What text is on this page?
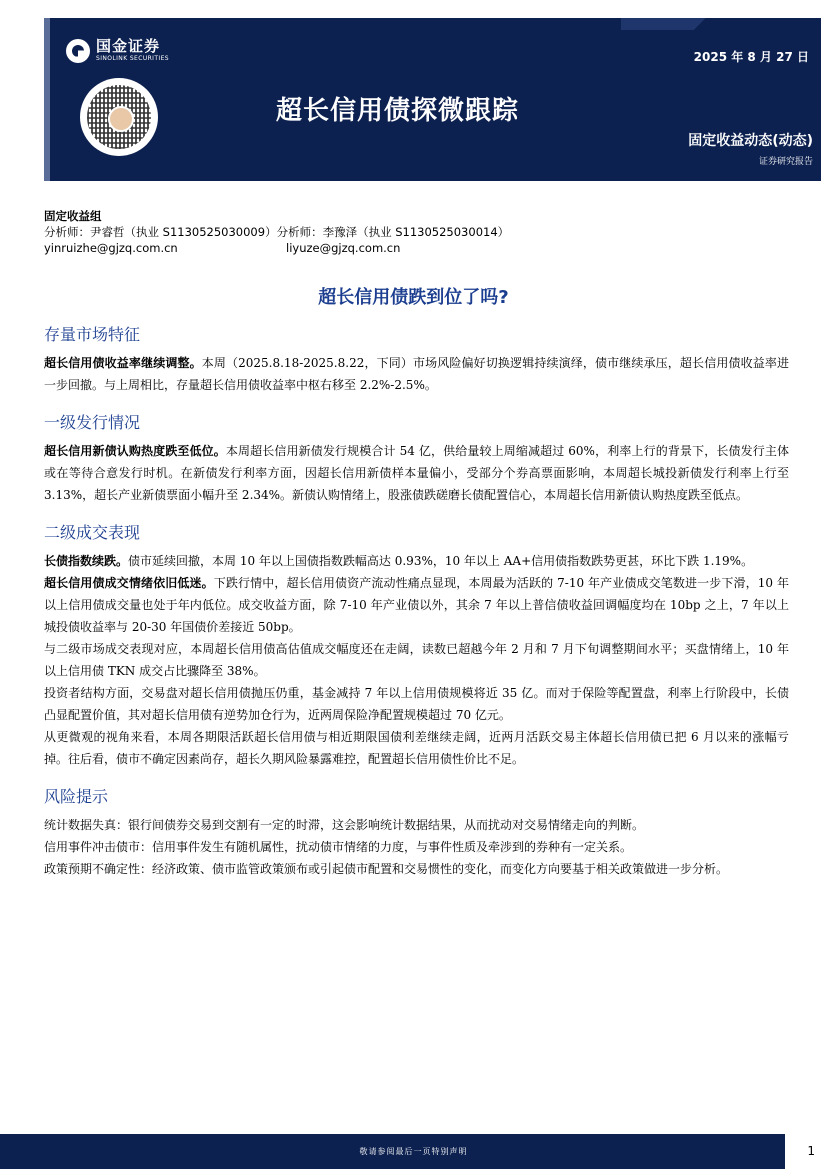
国金证券
SINOLINK SECURITIES	2025 年 8 月 27 日
超长信用债探微跟踪
固定收益动态(动态)
证券研究报告
固定收益组
分析师：尹睿哲（执业 S1130525030009）分析师：李豫泽（执业 S1130525030014）
yinruizhe@gjzq.com.cn	liyuze@gjzq.com.cn
超长信用债跌到位了吗?
存量市场特征

超长信用债收益率继续调整。本周（2025.8.18-2025.8.22，下同）市场风险偏好切换逻辑持续演绎，债市继续承压，超长信用债收益率进一步回撤。与上周相比，存量超长信用债收益率中枢右移至 2.2%-2.5%。

一级发行情况

超长信用新债认购热度跌至低位。本周超长信用新债发行规模合计 54 亿，供给量较上周缩减超过 60%，利率上行的背景下，长债发行主体或在等待合意发行时机。在新债发行利率方面，因超长信用新债样本量偏小，受部分个券高票面影响，本周超长城投新债发行利率上行至 3.13%，超长产业新债票面小幅升至 2.34%。新债认购情绪上，股涨债跌磋磨长债配置信心，本周超长信用新债认购热度跌至低点。

二级成交表现

长债指数续跌。债市延续回撤，本周 10 年以上国债指数跌幅高达 0.93%，10 年以上 AA+信用债指数跌势更甚，环比下跌 1.19%。

超长信用债成交情绪依旧低迷。下跌行情中，超长信用债资产流动性痛点显现，本周最为活跃的 7-10 年产业债成交笔数进一步下滑，10 年以上信用债成交量也处于年内低位。成交收益方面，除 7-10 年产业债以外，其余 7 年以上普信债收益回调幅度均在 10bp 之上，7 年以上城投债收益率与 20-30 年国债价差接近 50bp。

与二级市场成交表现对应，本周超长信用债高估值成交幅度还在走阔，读数已超越今年 2 月和 7 月下旬调整期间水平；买盘情绪上，10 年以上信用债 TKN 成交占比骤降至 38%。

投资者结构方面，交易盘对超长信用债抛压仍重，基金减持 7 年以上信用债规模将近 35 亿。而对于保险等配置盘，利率上行阶段中，长债凸显配置价值，其对超长信用债有逆势加仓行为，近两周保险净配置规模超过 70 亿元。

从更微观的视角来看，本周各期限活跃超长信用债与相近期限国债利差继续走阔，近两月活跃交易主体超长信用债已把 6 月以来的涨幅亏掉。往后看，债市不确定因素尚存，超长久期风险暴露难控，配置超长信用债性价比不足。

风险提示

统计数据失真：银行间债券交易到交割有一定的时滞，这会影响统计数据结果，从而扰动对交易情绪走向的判断。

信用事件冲击债市：信用事件发生有随机属性，扰动债市情绪的力度，与事件性质及牵涉到的券种有一定关系。

政策预期不确定性：经济政策、债市监管政策颁布或引起债市配置和交易惯性的变化，而变化方向要基于相关政策做进一步分析。

敬请参阅最后一页特别声明	1
